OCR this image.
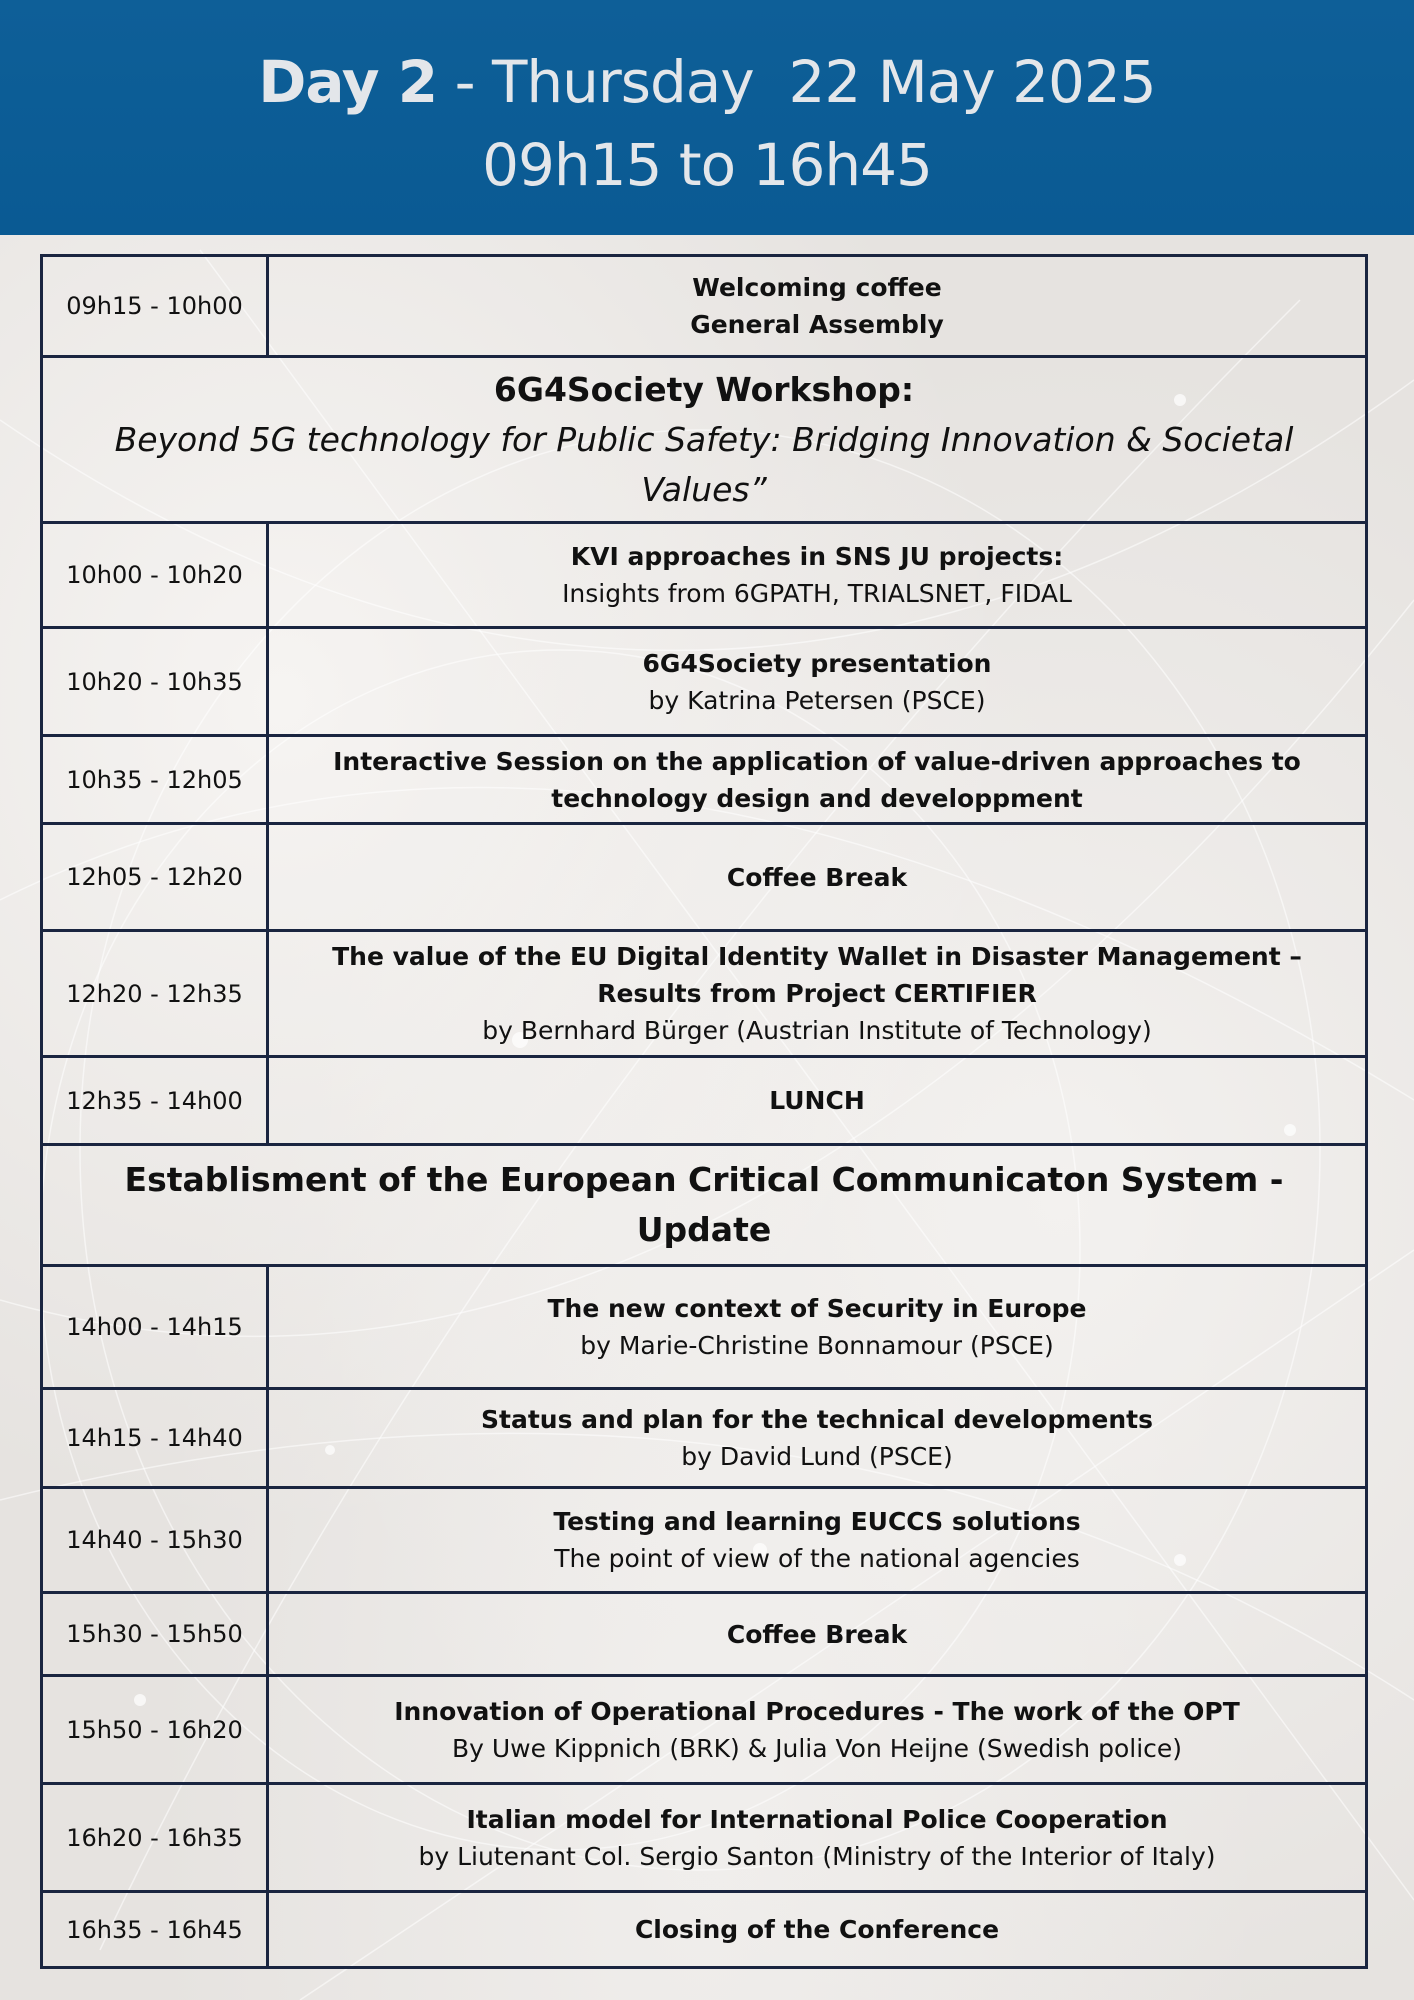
Day 2 - Thursday  22 May 2025
09h15 to 16h45
09h15 - 10h00	Welcoming coffee
General Assembly

6G4Society Workshop:
Beyond 5G technology for Public Safety: Bridging Innovation & Societal Values”	

10h00 - 10h20	KVI approaches in SNS JU projects:
Insights from 6GPATH, TRIALSNET, FIDAL

10h20 - 10h35	6G4Society presentation
by Katrina Petersen (PSCE)

10h35 - 12h05	Interactive Session on the application of value-driven approaches to technology design and developpment

12h05 - 12h20	Coffee Break

12h20 - 12h35	The value of the EU Digital Identity Wallet in Disaster Management – Results from Project CERTIFIER
by Bernhard Bürger (Austrian Institute of Technology)

12h35 - 14h00	LUNCH

Establisment of the European Critical Communicaton System - Update	

14h00 - 14h15	The new context of Security in Europe
by Marie-Christine Bonnamour (PSCE)

14h15 - 14h40	Status and plan for the technical developments
by David Lund (PSCE)

14h40 - 15h30	Testing and learning EUCCS solutions
The point of view of the national agencies

15h30 - 15h50	Coffee Break

15h50 - 16h20	Innovation of Operational Procedures - The work of the OPT
By Uwe Kippnich (BRK) & Julia Von Heijne (Swedish police)

16h20 - 16h35	Italian model for International Police Cooperation
by Liutenant Col. Sergio Santon (Ministry of the Interior of Italy)

16h35 - 16h45	Closing of the Conference
